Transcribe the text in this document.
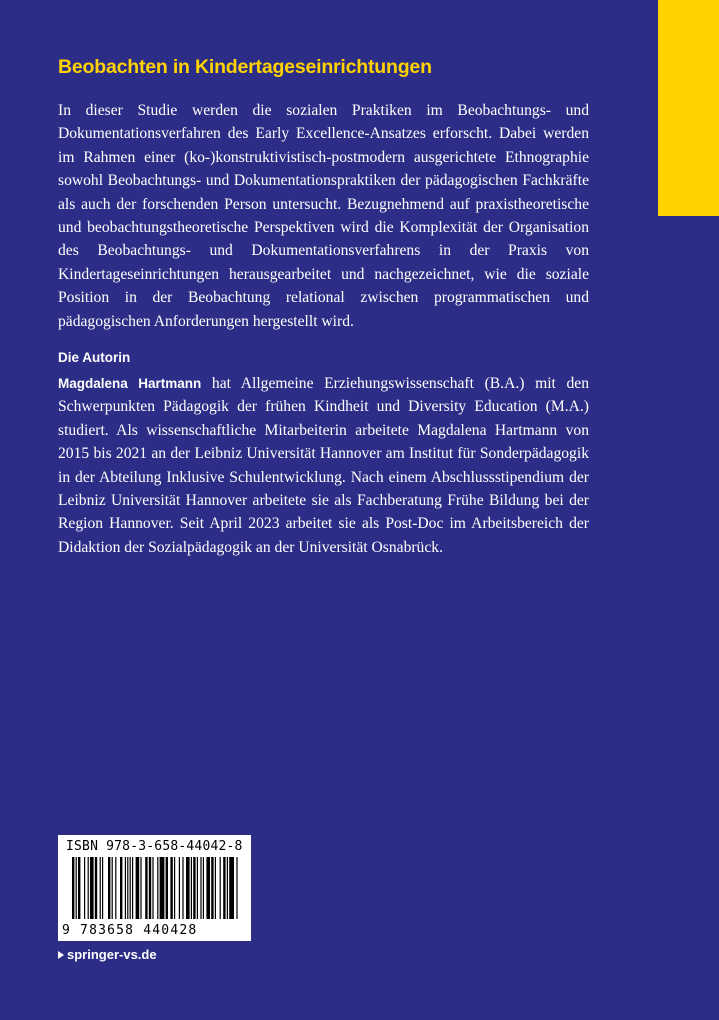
Beobachten in Kindertageseinrichtungen

In dieser Studie werden die sozialen Praktiken im Beobachtungs- und Dokumentationsverfahren des Early Excellence-Ansatzes erforscht. Dabei werden im Rahmen einer (ko-)konstruktivistisch-postmodern ausgerichtete Ethnographie sowohl Beobachtungs- und Dokumentationspraktiken der pädagogischen Fachkräfte als auch der forschenden Person untersucht. Bezugnehmend auf praxistheoretische und beobachtungstheoretische Perspektiven wird die Komplexität der Organisation des Beobachtungs- und Dokumentationsverfahrens in der Praxis von Kindertageseinrichtungen herausgearbeitet und nachgezeichnet, wie die soziale Position in der Beobachtung relational zwischen programmatischen und pädagogischen Anforderungen hergestellt wird.

Die Autorin

Magdalena Hartmann hat Allgemeine Erziehungswissenschaft (B.A.) mit den Schwerpunkten Pädagogik der frühen Kindheit und Diversity Education (M.A.) studiert. Als wissenschaftliche Mitarbeiterin arbeitete Magdalena Hartmann von 2015 bis 2021 an der Leibniz Universität Hannover am Institut für Sonderpädagogik in der Abteilung Inklusive Schulentwicklung. Nach einem Abschlussstipendium der Leibniz Universität Hannover arbeitete sie als Fachberatung Frühe Bildung bei der Region Hannover. Seit April 2023 arbeitet sie als Post-Doc im Arbeitsbereich der Didaktion der Sozialpädagogik an der Universität Osnabrück.

ISBN 978-3-658-44042-8
9 783658 440428

springer-vs.de
